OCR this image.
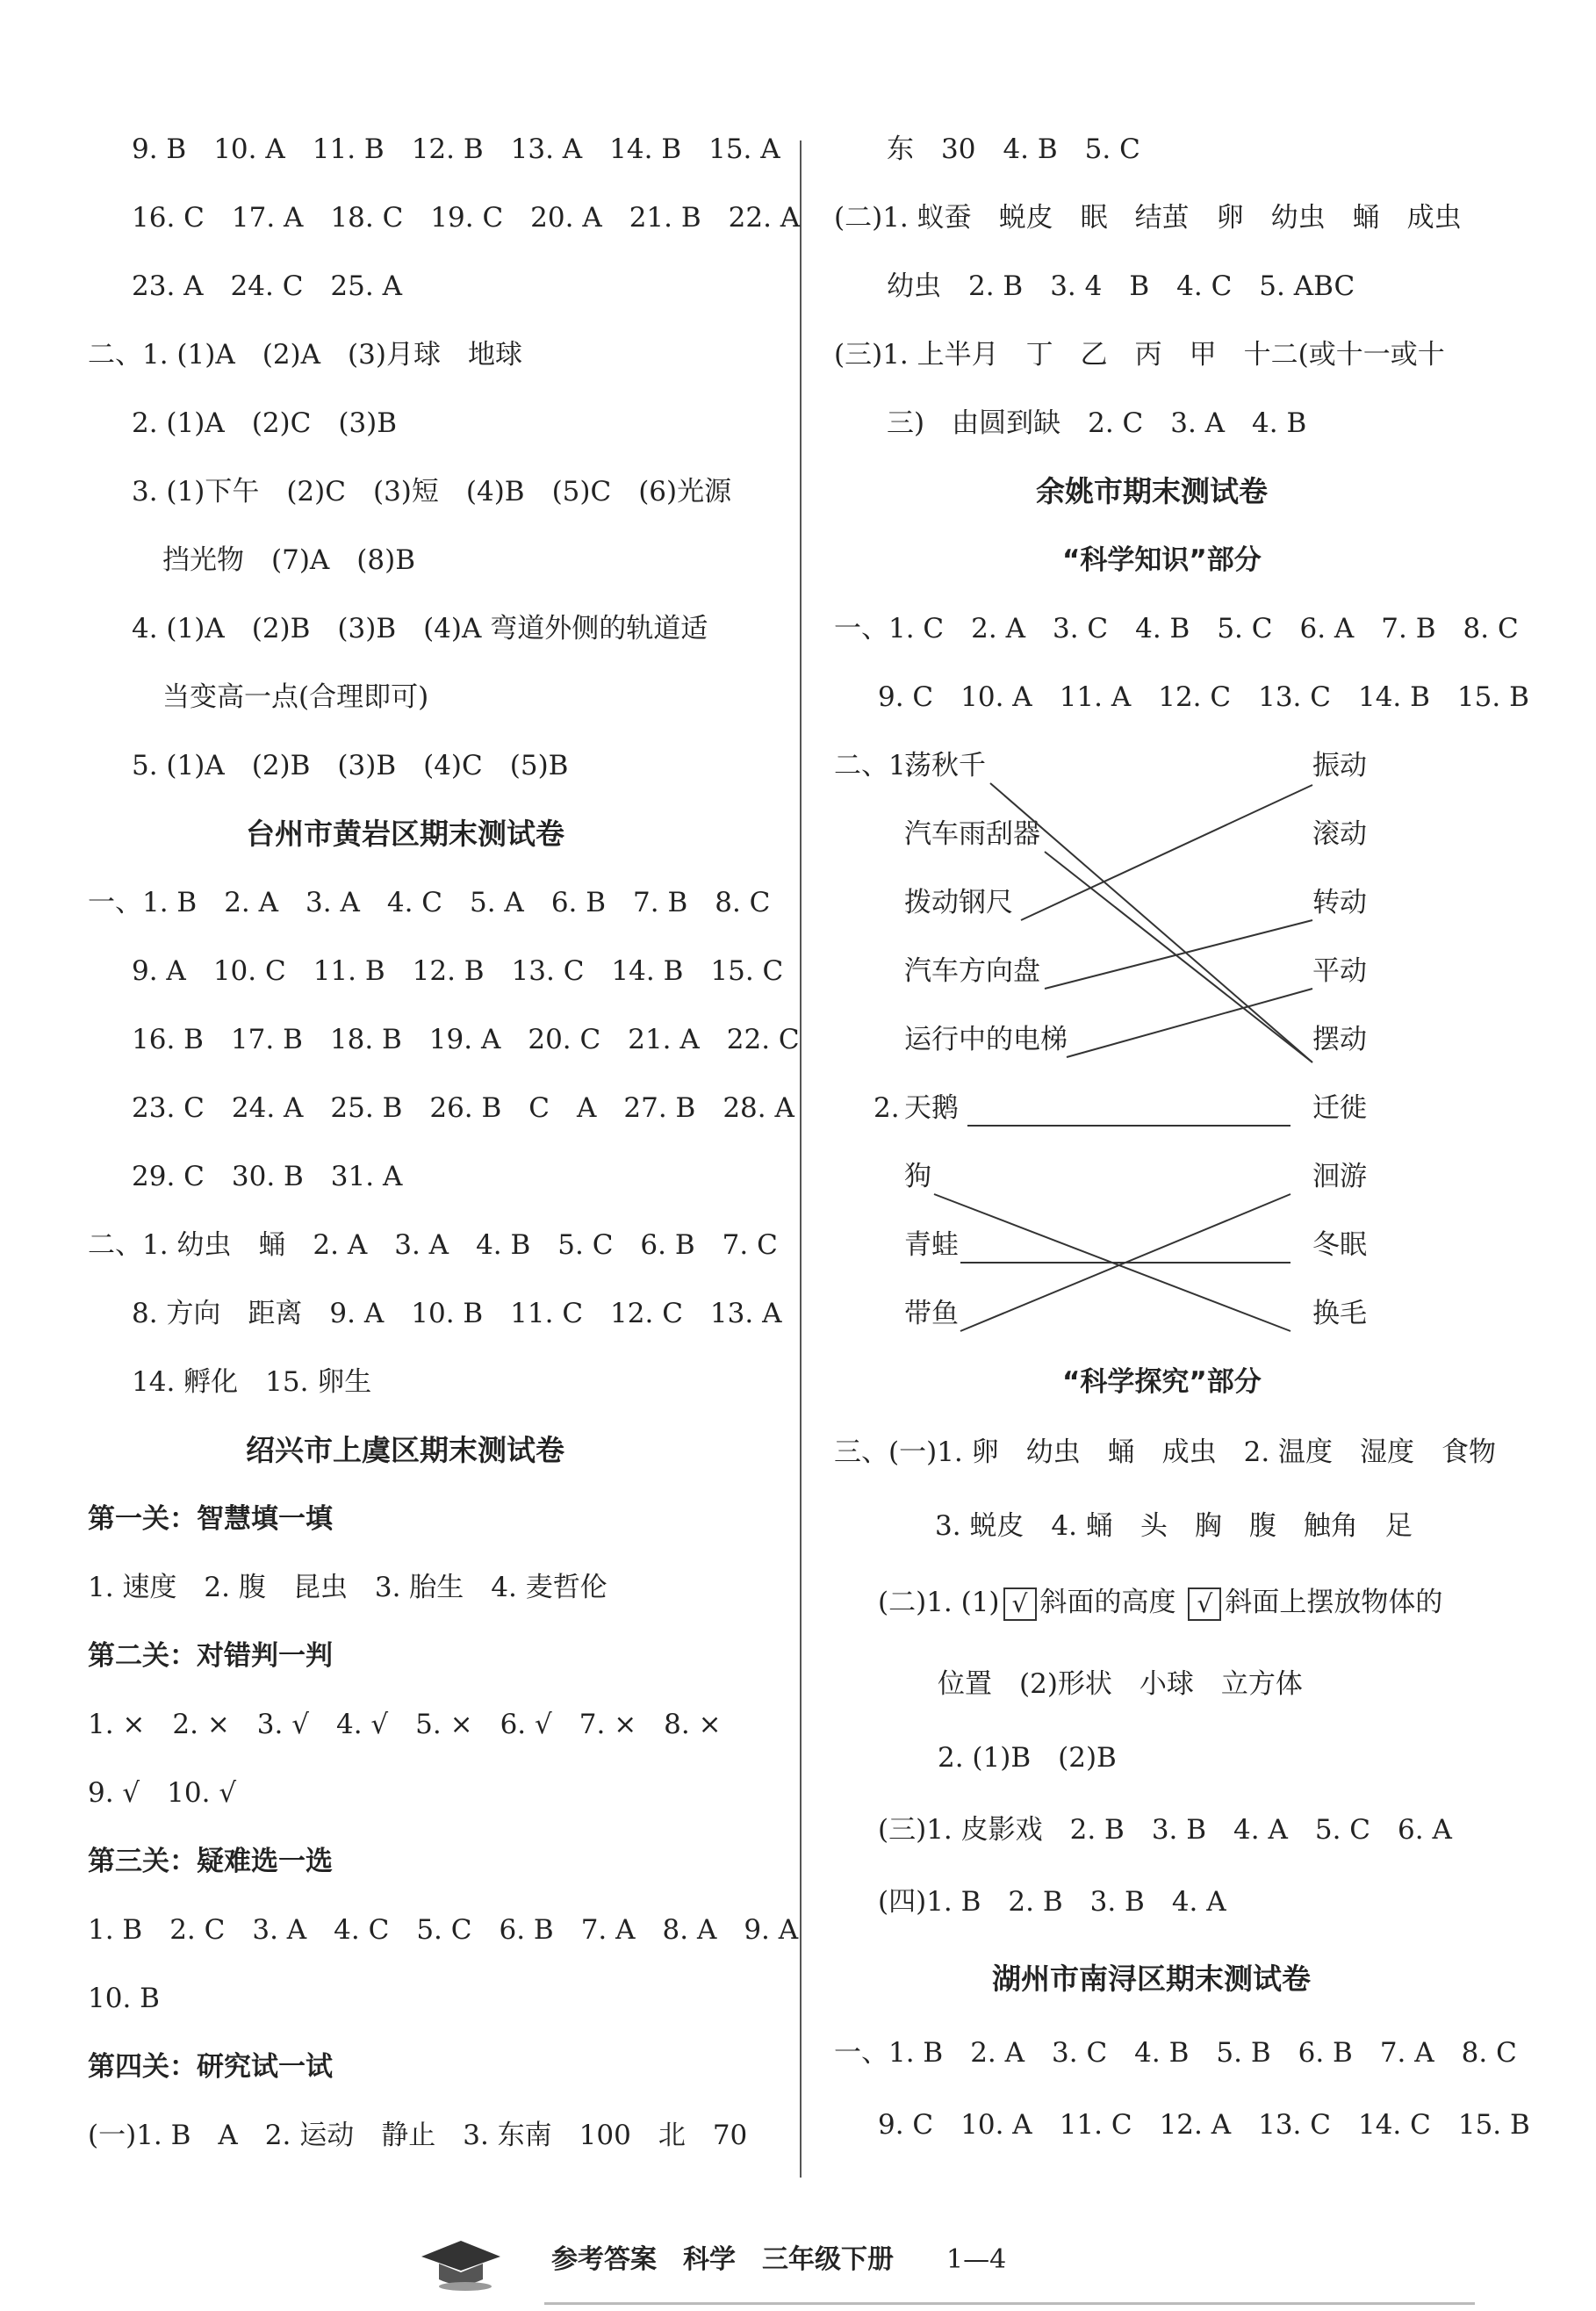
9. B　10. A　11. B　12. B　13. A　14. B　15. A
16. C　17. A　18. C　19. C　20. A　21. B　22. A
23. A　24. C　25. A
二、1. (1)A　(2)A　(3)月球　地球
2. (1)A　(2)C　(3)B
3. (1)下午　(2)C　(3)短　(4)B　(5)C　(6)光源
挡光物　(7)A　(8)B
4. (1)A　(2)B　(3)B　(4)A 弯道外侧的轨道适
当变高一点(合理即可)
5. (1)A　(2)B　(3)B　(4)C　(5)B
台州市黄岩区期末测试卷
一、1. B　2. A　3. A　4. C　5. A　6. B　7. B　8. C
9. A　10. C　11. B　12. B　13. C　14. B　15. C
16. B　17. B　18. B　19. A　20. C　21. A　22. C
23. C　24. A　25. B　26. B　C　A　27. B　28. A
29. C　30. B　31. A
二、1. 幼虫　蛹　2. A　3. A　4. B　5. C　6. B　7. C
8. 方向　距离　9. A　10. B　11. C　12. C　13. A
14. 孵化　15. 卵生
绍兴市上虞区期末测试卷
第一关：智慧填一填
1. 速度　2. 腹　昆虫　3. 胎生　4. 麦哲伦
第二关：对错判一判
1. ×　2. ×　3. √　4. √　5. ×　6. √　7. ×　8. ×
9. √　10. √
第三关：疑难选一选
1. B　2. C　3. A　4. C　5. C　6. B　7. A　8. A　9. A
10. B
第四关：研究试一试
(一)1. B　A　2. 运动　静止　3. 东南　100　北　70
东　30　4. B　5. C
(二)1. 蚁蚕　蜕皮　眠　结茧　卵　幼虫　蛹　成虫
幼虫　2. B　3. 4　B　4. C　5. ABC
(三)1. 上半月　丁　乙　丙　甲　十二(或十一或十
三)　由圆到缺　2. C　3. A　4. B
余姚市期末测试卷
“科学知识”部分
一、1. C　2. A　3. C　4. B　5. C　6. A　7. B　8. C
9. C　10. A　11. A　12. C　13. C　14. B　15. B
二、1.
荡秋千
汽车雨刮器
拨动钢尺
汽车方向盘
运行中的电梯
振动
滚动
转动
平动
摆动
2. 天鹅
狗
青蛙
带鱼
迁徙
洄游
冬眠
换毛
“科学探究”部分
三、(一)1. 卵　幼虫　蛹　成虫　2. 温度　湿度　食物
3. 蜕皮　4. 蛹　头　胸　腹　触角　足
(二)1. (1) √ 斜面的高度 √ 斜面上摆放物体的
位置　(2)形状　小球　立方体
2. (1)B　(2)B
(三)1. 皮影戏　2. B　3. B　4. A　5. C　6. A
(四)1. B　2. B　3. B　4. A
湖州市南浔区期末测试卷
一、1. B　2. A　3. C　4. B　5. B　6. B　7. A　8. C
9. C　10. A　11. C　12. A　13. C　14. C　15. B
参考答案　科学　三年级下册 1—4
